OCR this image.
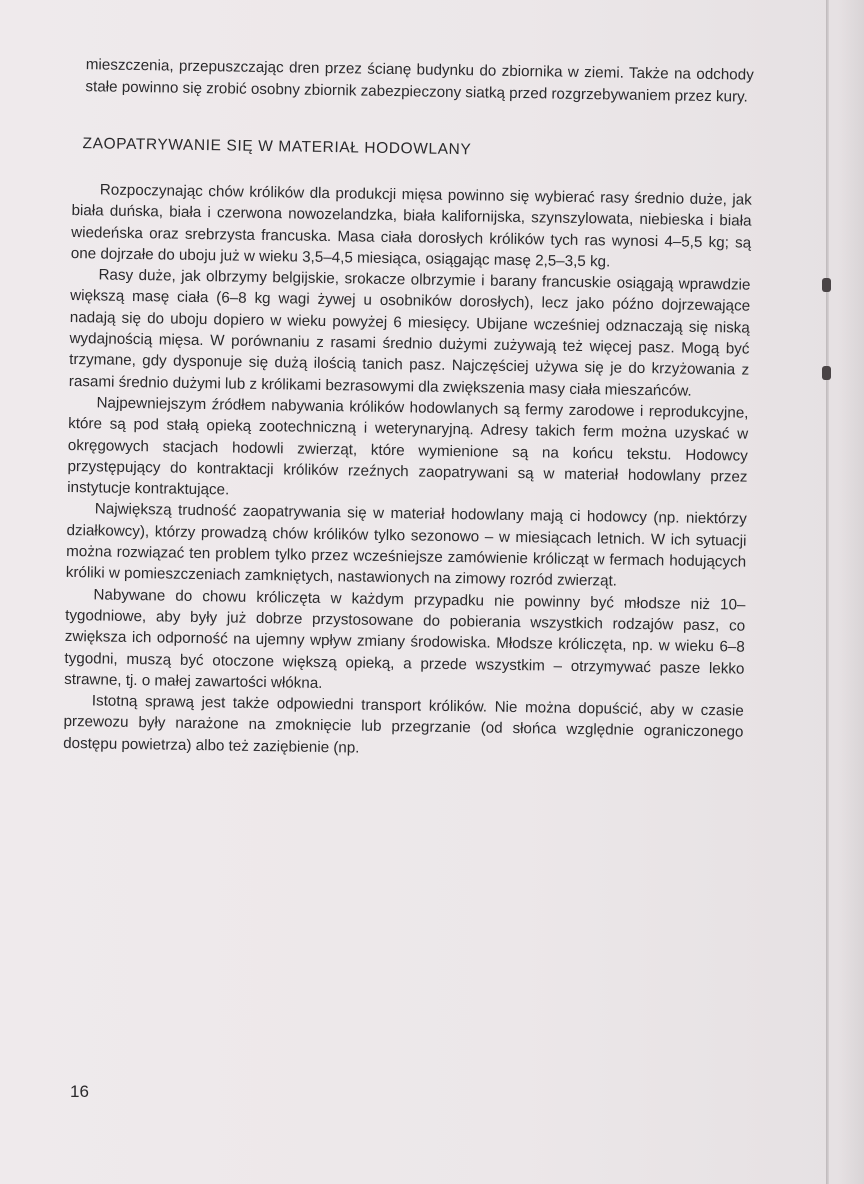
mieszczenia, przepuszczając dren przez ścianę budynku do zbiornika w ziemi. Także na odchody stałe powinno się zrobić osobny zbiornik zabezpieczony siatką przed rozgrzebywaniem przez kury.

ZAOPATRYWANIE SIĘ W MATERIAŁ HODOWLANY

Rozpoczynając chów królików dla produkcji mięsa powinno się wybierać rasy średnio duże, jak biała duńska, biała i czerwona nowozelandzka, biała kalifornijska, szynszylowata, niebieska i biała wiedeńska oraz srebrzysta francuska. Masa ciała dorosłych królików tych ras wynosi 4–5,5 kg; są one dojrzałe do uboju już w wieku 3,5–4,5 miesiąca, osiągając masę 2,5–3,5 kg.

Rasy duże, jak olbrzymy belgijskie, srokacze olbrzymie i barany francuskie osiągają wprawdzie większą masę ciała (6–8 kg wagi żywej u osobników dorosłych), lecz jako późno dojrzewające nadają się do uboju dopiero w wieku powyżej 6 miesięcy. Ubijane wcześniej odznaczają się niską wydajnością mięsa. W porównaniu z rasami średnio dużymi zużywają też więcej pasz. Mogą być trzymane, gdy dysponuje się dużą ilością tanich pasz. Najczęściej używa się je do krzyżowania z rasami średnio dużymi lub z królikami bezrasowymi dla zwiększenia masy ciała mieszańców.

Najpewniejszym źródłem nabywania królików hodowlanych są fermy zarodowe i reprodukcyjne, które są pod stałą opieką zootechniczną i weterynaryjną. Adresy takich ferm można uzyskać w okręgowych stacjach hodowli zwierząt, które wymienione są na końcu tekstu. Hodowcy przystępujący do kontraktacji królików rzeźnych zaopatrywani są w materiał hodowlany przez instytucje kontraktujące.

Największą trudność zaopatrywania się w materiał hodowlany mają ci hodowcy (np. niektórzy działkowcy), którzy prowadzą chów królików tylko sezonowo – w miesiącach letnich. W ich sytuacji można rozwiązać ten problem tylko przez wcześniejsze zamówienie królicząt w fermach hodujących króliki w pomieszczeniach zamkniętych, nastawionych na zimowy rozród zwierząt.

Nabywane do chowu króliczęta w każdym przypadku nie powinny być młodsze niż 10–tygodniowe, aby były już dobrze przystosowane do pobierania wszystkich rodzajów pasz, co zwiększa ich odporność na ujemny wpływ zmiany środowiska. Młodsze króliczęta, np. w wieku 6–8 tygodni, muszą być otoczone większą opieką, a przede wszystkim – otrzymywać pasze lekko strawne, tj. o małej zawartości włókna.

Istotną sprawą jest także odpowiedni transport królików. Nie można dopuścić, aby w czasie przewozu były narażone na zmoknięcie lub przegrzanie (od słońca względnie ograniczonego dostępu powietrza) albo też zaziębienie (np.

16
